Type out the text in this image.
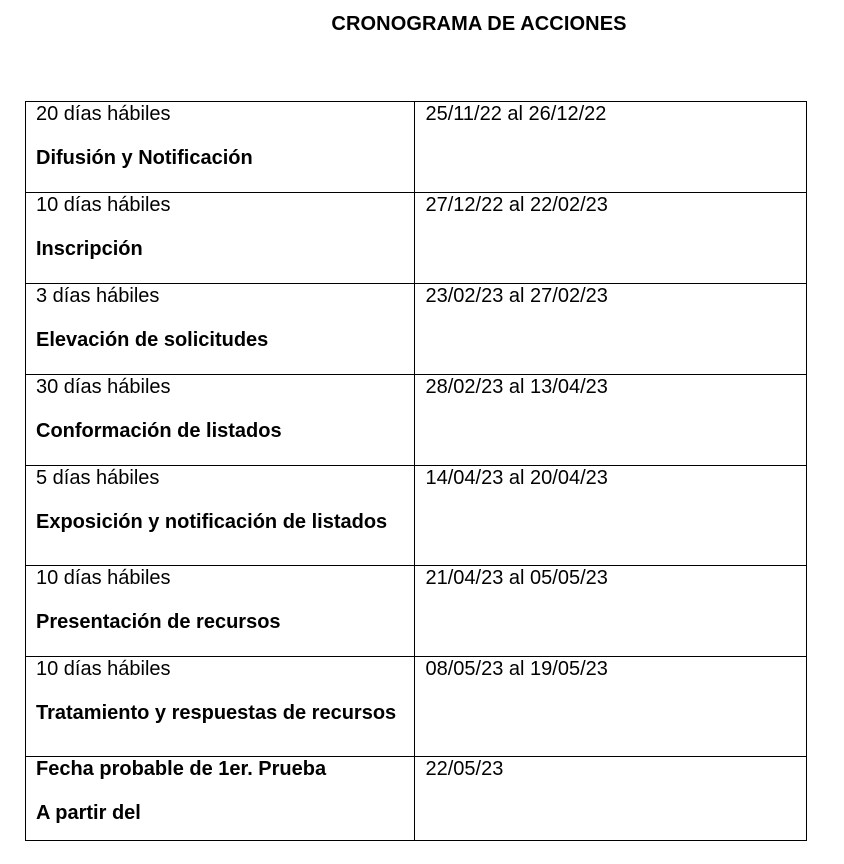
CRONOGRAMA DE ACCIONES
20 días hábiles
Difusión y Notificación	25/11/22 al 26/12/22

10 días hábiles
Inscripción	27/12/22 al 22/02/23

3 días hábiles
Elevación de solicitudes	23/02/23 al 27/02/23

30 días hábiles
Conformación de listados	28/02/23 al 13/04/23

5 días hábiles
Exposición y notificación de listados	14/04/23 al 20/04/23

10 días hábiles
Presentación de recursos	21/04/23 al 05/05/23

10 días hábiles
Tratamiento y respuestas de recursos	08/05/23 al 19/05/23

Fecha probable de 1er. Prueba
A partir del	22/05/23
